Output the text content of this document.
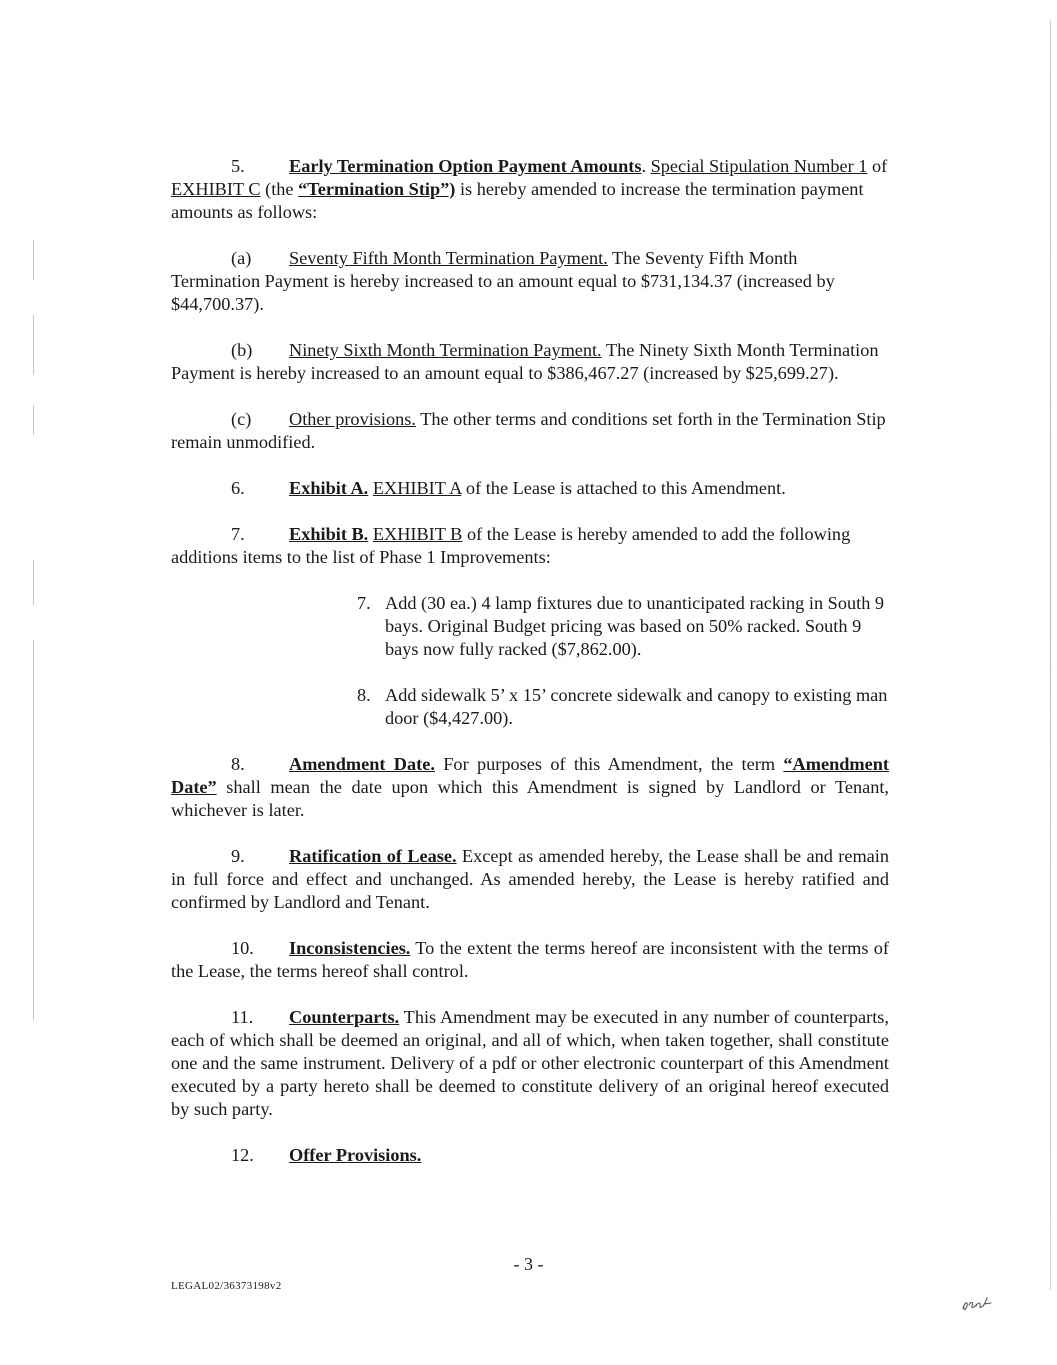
5. Early Termination Option Payment Amounts. Special Stipulation Number 1 of EXHIBIT C (the “Termination Stip”) is hereby amended to increase the termination payment amounts as follows:

(a) Seventy Fifth Month Termination Payment. The Seventy Fifth Month Termination Payment is hereby increased to an amount equal to $731,134.37 (increased by $44,700.37).

(b) Ninety Sixth Month Termination Payment. The Ninety Sixth Month Termination Payment is hereby increased to an amount equal to $386,467.27 (increased by $25,699.27).

(c) Other provisions. The other terms and conditions set forth in the Termination Stip remain unmodified.

6. Exhibit A. EXHIBIT A of the Lease is attached to this Amendment.

7. Exhibit B. EXHIBIT B of the Lease is hereby amended to add the following additions items to the list of Phase 1 Improvements:

7. Add (30 ea.) 4 lamp fixtures due to unanticipated racking in South 9 bays. Original Budget pricing was based on 50% racked. South 9 bays now fully racked ($7,862.00).
8. Add sidewalk 5’ x 15’ concrete sidewalk and canopy to existing man door ($4,427.00).

8. Amendment Date. For purposes of this Amendment, the term “Amendment Date” shall mean the date upon which this Amendment is signed by Landlord or Tenant, whichever is later.

9. Ratification of Lease. Except as amended hereby, the Lease shall be and remain in full force and effect and unchanged. As amended hereby, the Lease is hereby ratified and confirmed by Landlord and Tenant.

10. Inconsistencies. To the extent the terms hereof are inconsistent with the terms of the Lease, the terms hereof shall control.

11. Counterparts. This Amendment may be executed in any number of counterparts, each of which shall be deemed an original, and all of which, when taken together, shall constitute one and the same instrument. Delivery of a pdf or other electronic counterpart of this Amendment executed by a party hereto shall be deemed to constitute delivery of an original hereof executed by such party.

12. Offer Provisions.

- 3 -
LEGAL02/36373198v2
